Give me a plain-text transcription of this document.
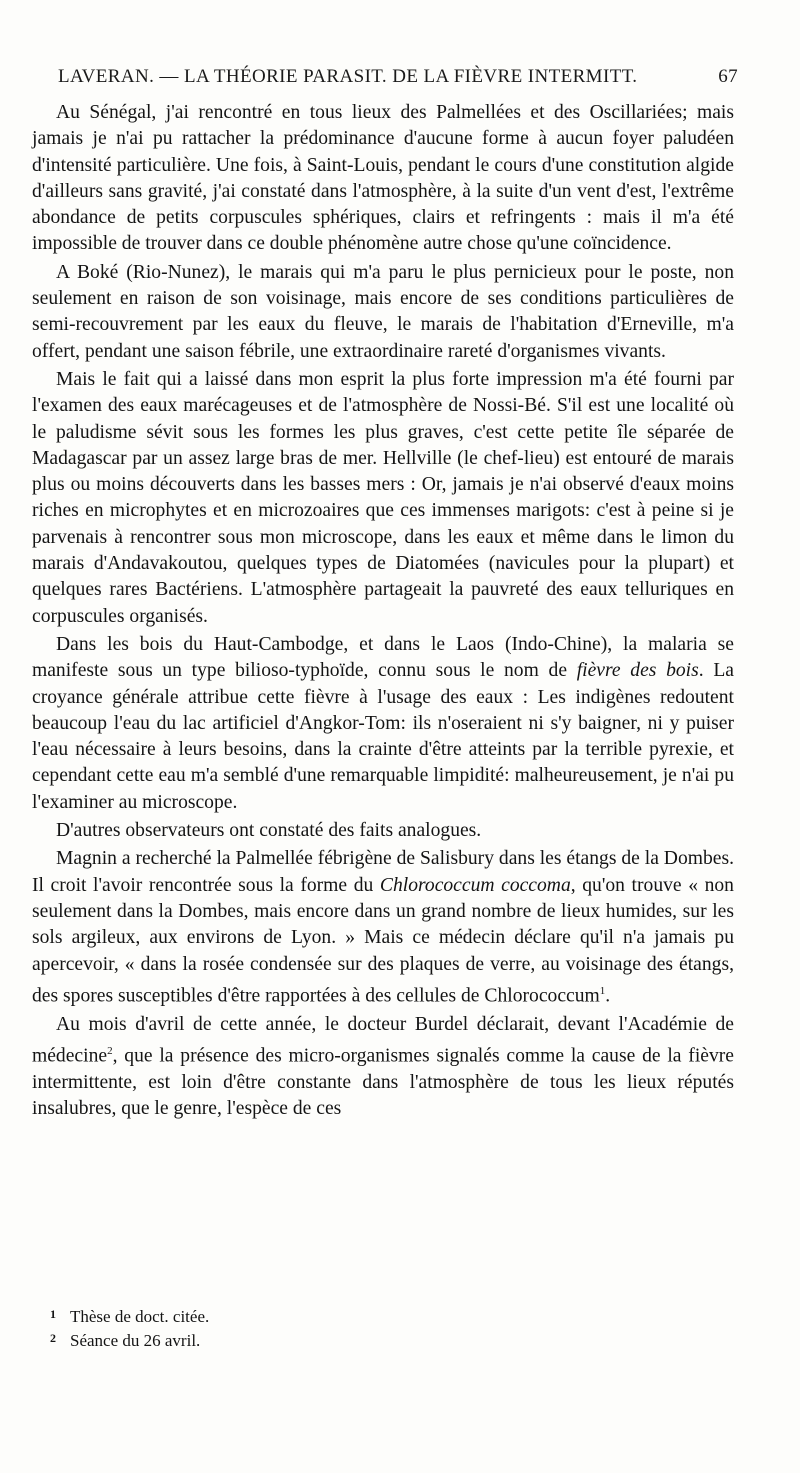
LAVERAN. — LA THÉORIE PARASIT. DE LA FIÈVRE INTERMITT.	67

Au Sénégal, j'ai rencontré en tous lieux des Palmellées et des Oscillariées; mais jamais je n'ai pu rattacher la prédominance d'aucune forme à aucun foyer paludéen d'intensité particulière. Une fois, à Saint-Louis, pendant le cours d'une constitution algide d'ailleurs sans gravité, j'ai constaté dans l'atmosphère, à la suite d'un vent d'est, l'extrême abondance de petits corpuscules sphériques, clairs et refringents : mais il m'a été impossible de trouver dans ce double phénomène autre chose qu'une coïncidence.

A Boké (Rio-Nunez), le marais qui m'a paru le plus pernicieux pour le poste, non seulement en raison de son voisinage, mais encore de ses conditions particulières de semi-recouvrement par les eaux du fleuve, le marais de l'habitation d'Erneville, m'a offert, pendant une saison fébrile, une extraordinaire rareté d'organismes vivants.

Mais le fait qui a laissé dans mon esprit la plus forte impression m'a été fourni par l'examen des eaux marécageuses et de l'atmosphère de Nossi-Bé. S'il est une localité où le paludisme sévit sous les formes les plus graves, c'est cette petite île séparée de Madagascar par un assez large bras de mer. Hellville (le chef-lieu) est entouré de marais plus ou moins découverts dans les basses mers : Or, jamais je n'ai observé d'eaux moins riches en microphytes et en microzoaires que ces immenses marigots: c'est à peine si je parvenais à rencontrer sous mon microscope, dans les eaux et même dans le limon du marais d'Andavakoutou, quelques types de Diatomées (navicules pour la plupart) et quelques rares Bactériens. L'atmosphère partageait la pauvreté des eaux telluriques en corpuscules organisés.

Dans les bois du Haut-Cambodge, et dans le Laos (Indo-Chine), la malaria se manifeste sous un type bilioso-typhoïde, connu sous le nom de fièvre des bois. La croyance générale attribue cette fièvre à l'usage des eaux : Les indigènes redoutent beaucoup l'eau du lac artificiel d'Angkor-Tom: ils n'oseraient ni s'y baigner, ni y puiser l'eau nécessaire à leurs besoins, dans la crainte d'être atteints par la terrible pyrexie, et cependant cette eau m'a semblé d'une remarquable limpidité: malheureusement, je n'ai pu l'examiner au microscope.

D'autres observateurs ont constaté des faits analogues.

Magnin a recherché la Palmellée fébrigène de Salisbury dans les étangs de la Dombes. Il croit l'avoir rencontrée sous la forme du Chlorococcum coccoma, qu'on trouve « non seulement dans la Dombes, mais encore dans un grand nombre de lieux humides, sur les sols argileux, aux environs de Lyon. » Mais ce médecin déclare qu'il n'a jamais pu apercevoir, « dans la rosée condensée sur des plaques de verre, au voisinage des étangs, des spores susceptibles d'être rapportées à des cellules de Chlorococcum$^1$.

Au mois d'avril de cette année, le docteur Burdel déclarait, devant l'Académie de médecine$^2$, que la présence des micro-organismes signalés comme la cause de la fièvre intermittente, est loin d'être constante dans l'atmosphère de tous les lieux réputés insalubres, que le genre, l'espèce de ces

1 Thèse de doct. citée.

2 Séance du 26 avril.
